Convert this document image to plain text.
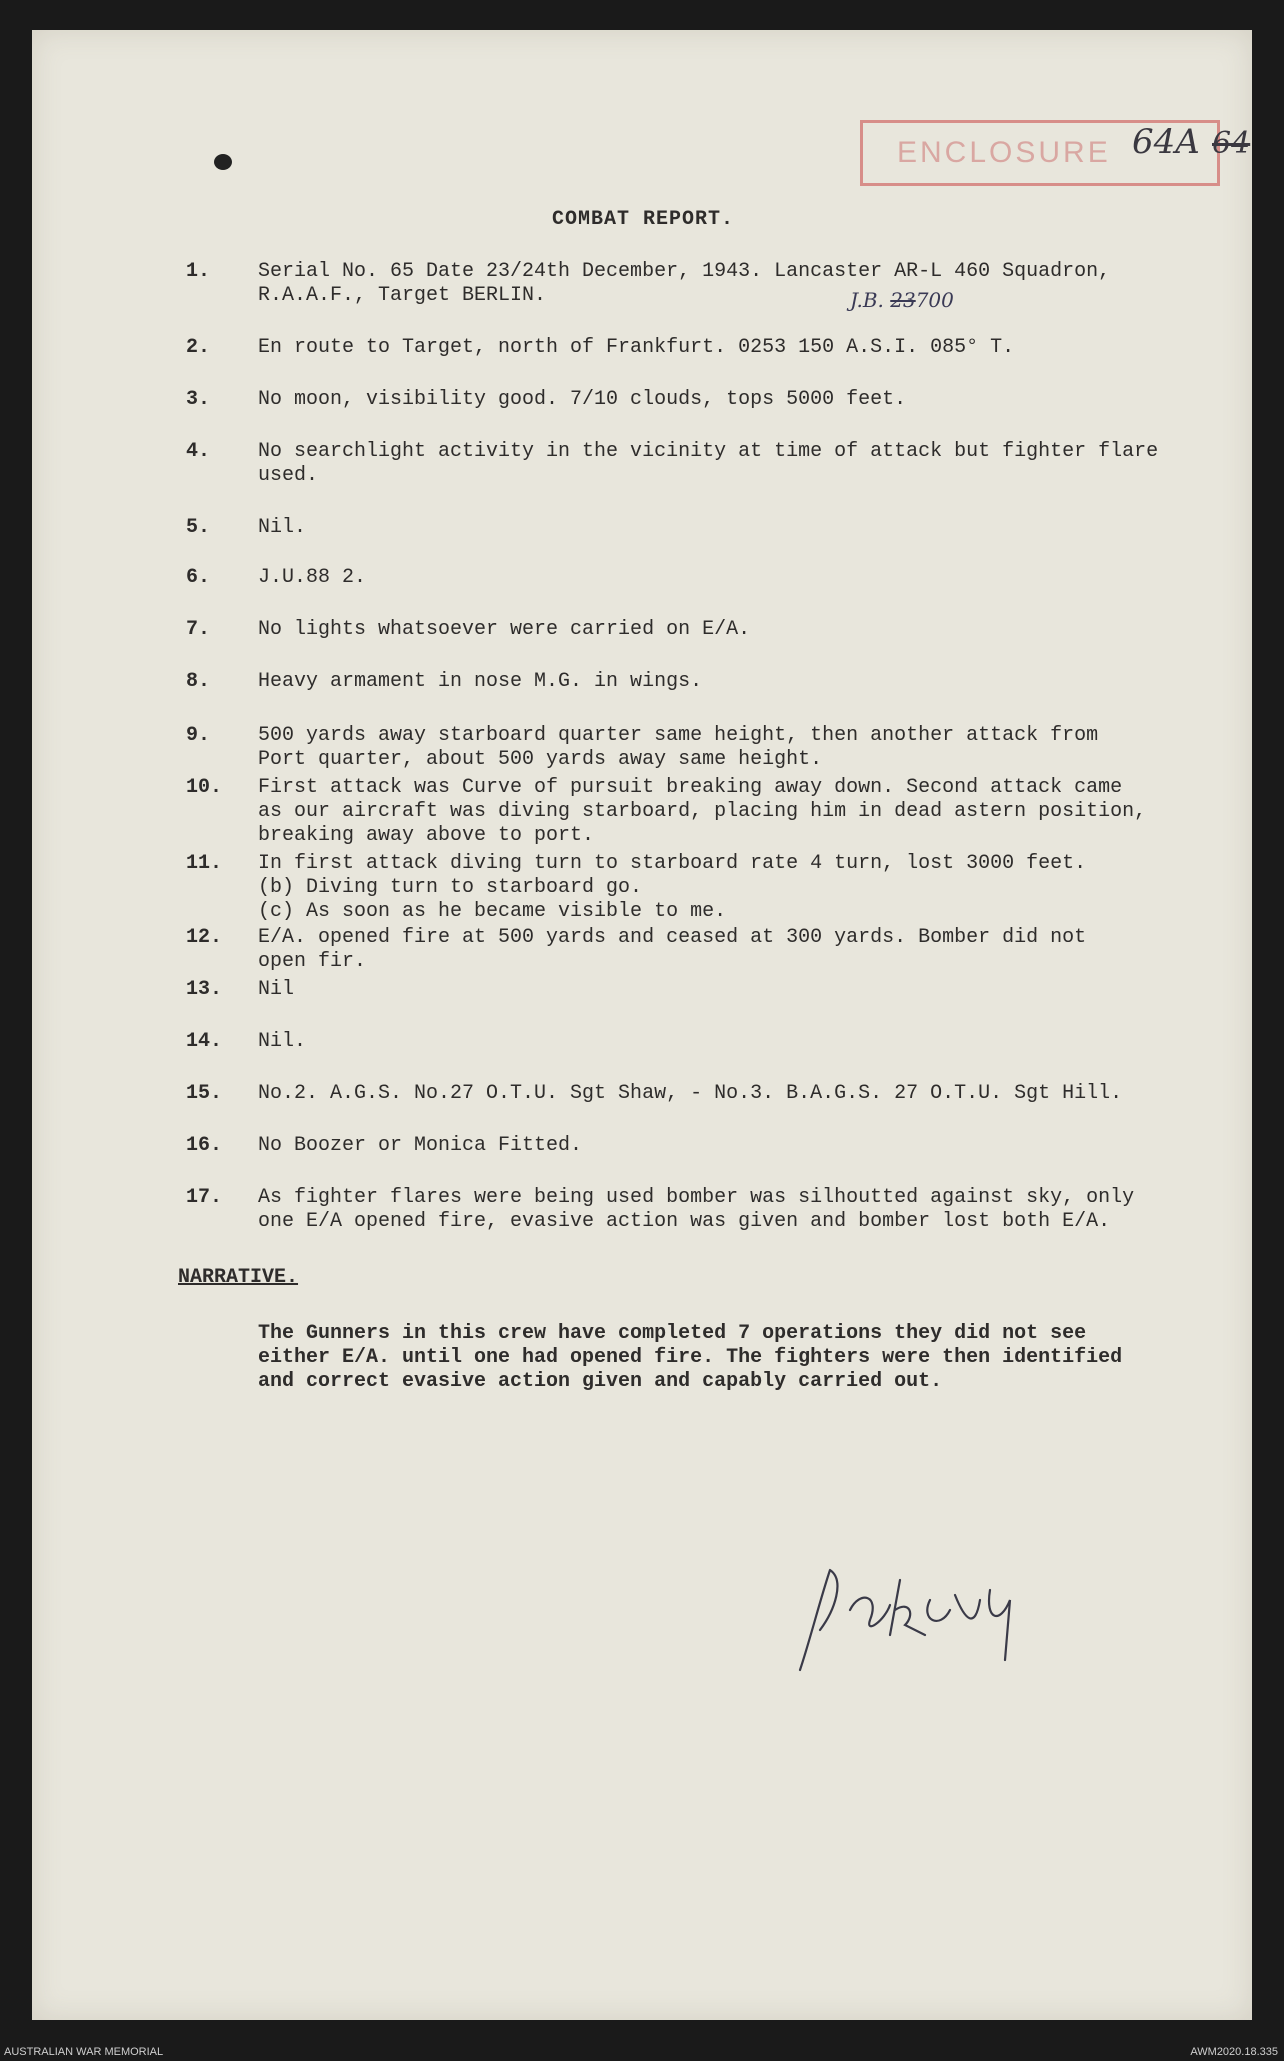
ENCLOSURE 64A 64
COMBAT REPORT.
J.B. 23700
1. Serial No. 65 Date 23/24th December, 1943. Lancaster AR-L 460 Squadron,
R.A.A.F., Target BERLIN.
2. En route to Target, north of Frankfurt. 0253 150 A.S.I. 085° T.
3. No moon, visibility good. 7/10 clouds, tops 5000 feet.
4. No searchlight activity in the vicinity at time of attack but fighter flare
used.
5. Nil.
6. J.U.88 2.
7. No lights whatsoever were carried on E/A.
8. Heavy armament in nose M.G. in wings.
9. 500 yards away starboard quarter same height, then another attack from
Port quarter, about 500 yards away same height.
10. First attack was Curve of pursuit breaking away down. Second attack came
as our aircraft was diving starboard, placing him in dead astern position,
breaking away above to port.
11. In first attack diving turn to starboard rate 4 turn, lost 3000 feet.
(b) Diving turn to starboard go.
(c) As soon as he became visible to me.
12. E/A. opened fire at 500 yards and ceased at 300 yards. Bomber did not
open fir.
13. Nil
14. Nil.
15. No.2. A.G.S. No.27 O.T.U. Sgt Shaw, - No.3. B.A.G.S. 27 O.T.U. Sgt Hill.
16. No Boozer or Monica Fitted.
17. As fighter flares were being used bomber was silhoutted against sky, only
one E/A opened fire, evasive action was given and bomber lost both E/A.
NARRATIVE.
The Gunners in this crew have completed 7 operations they did not see
either E/A. until one had opened fire. The fighters were then identified
and correct evasive action given and capably carried out.
AUSTRALIAN WAR MEMORIAL	AWM2020.18.335
